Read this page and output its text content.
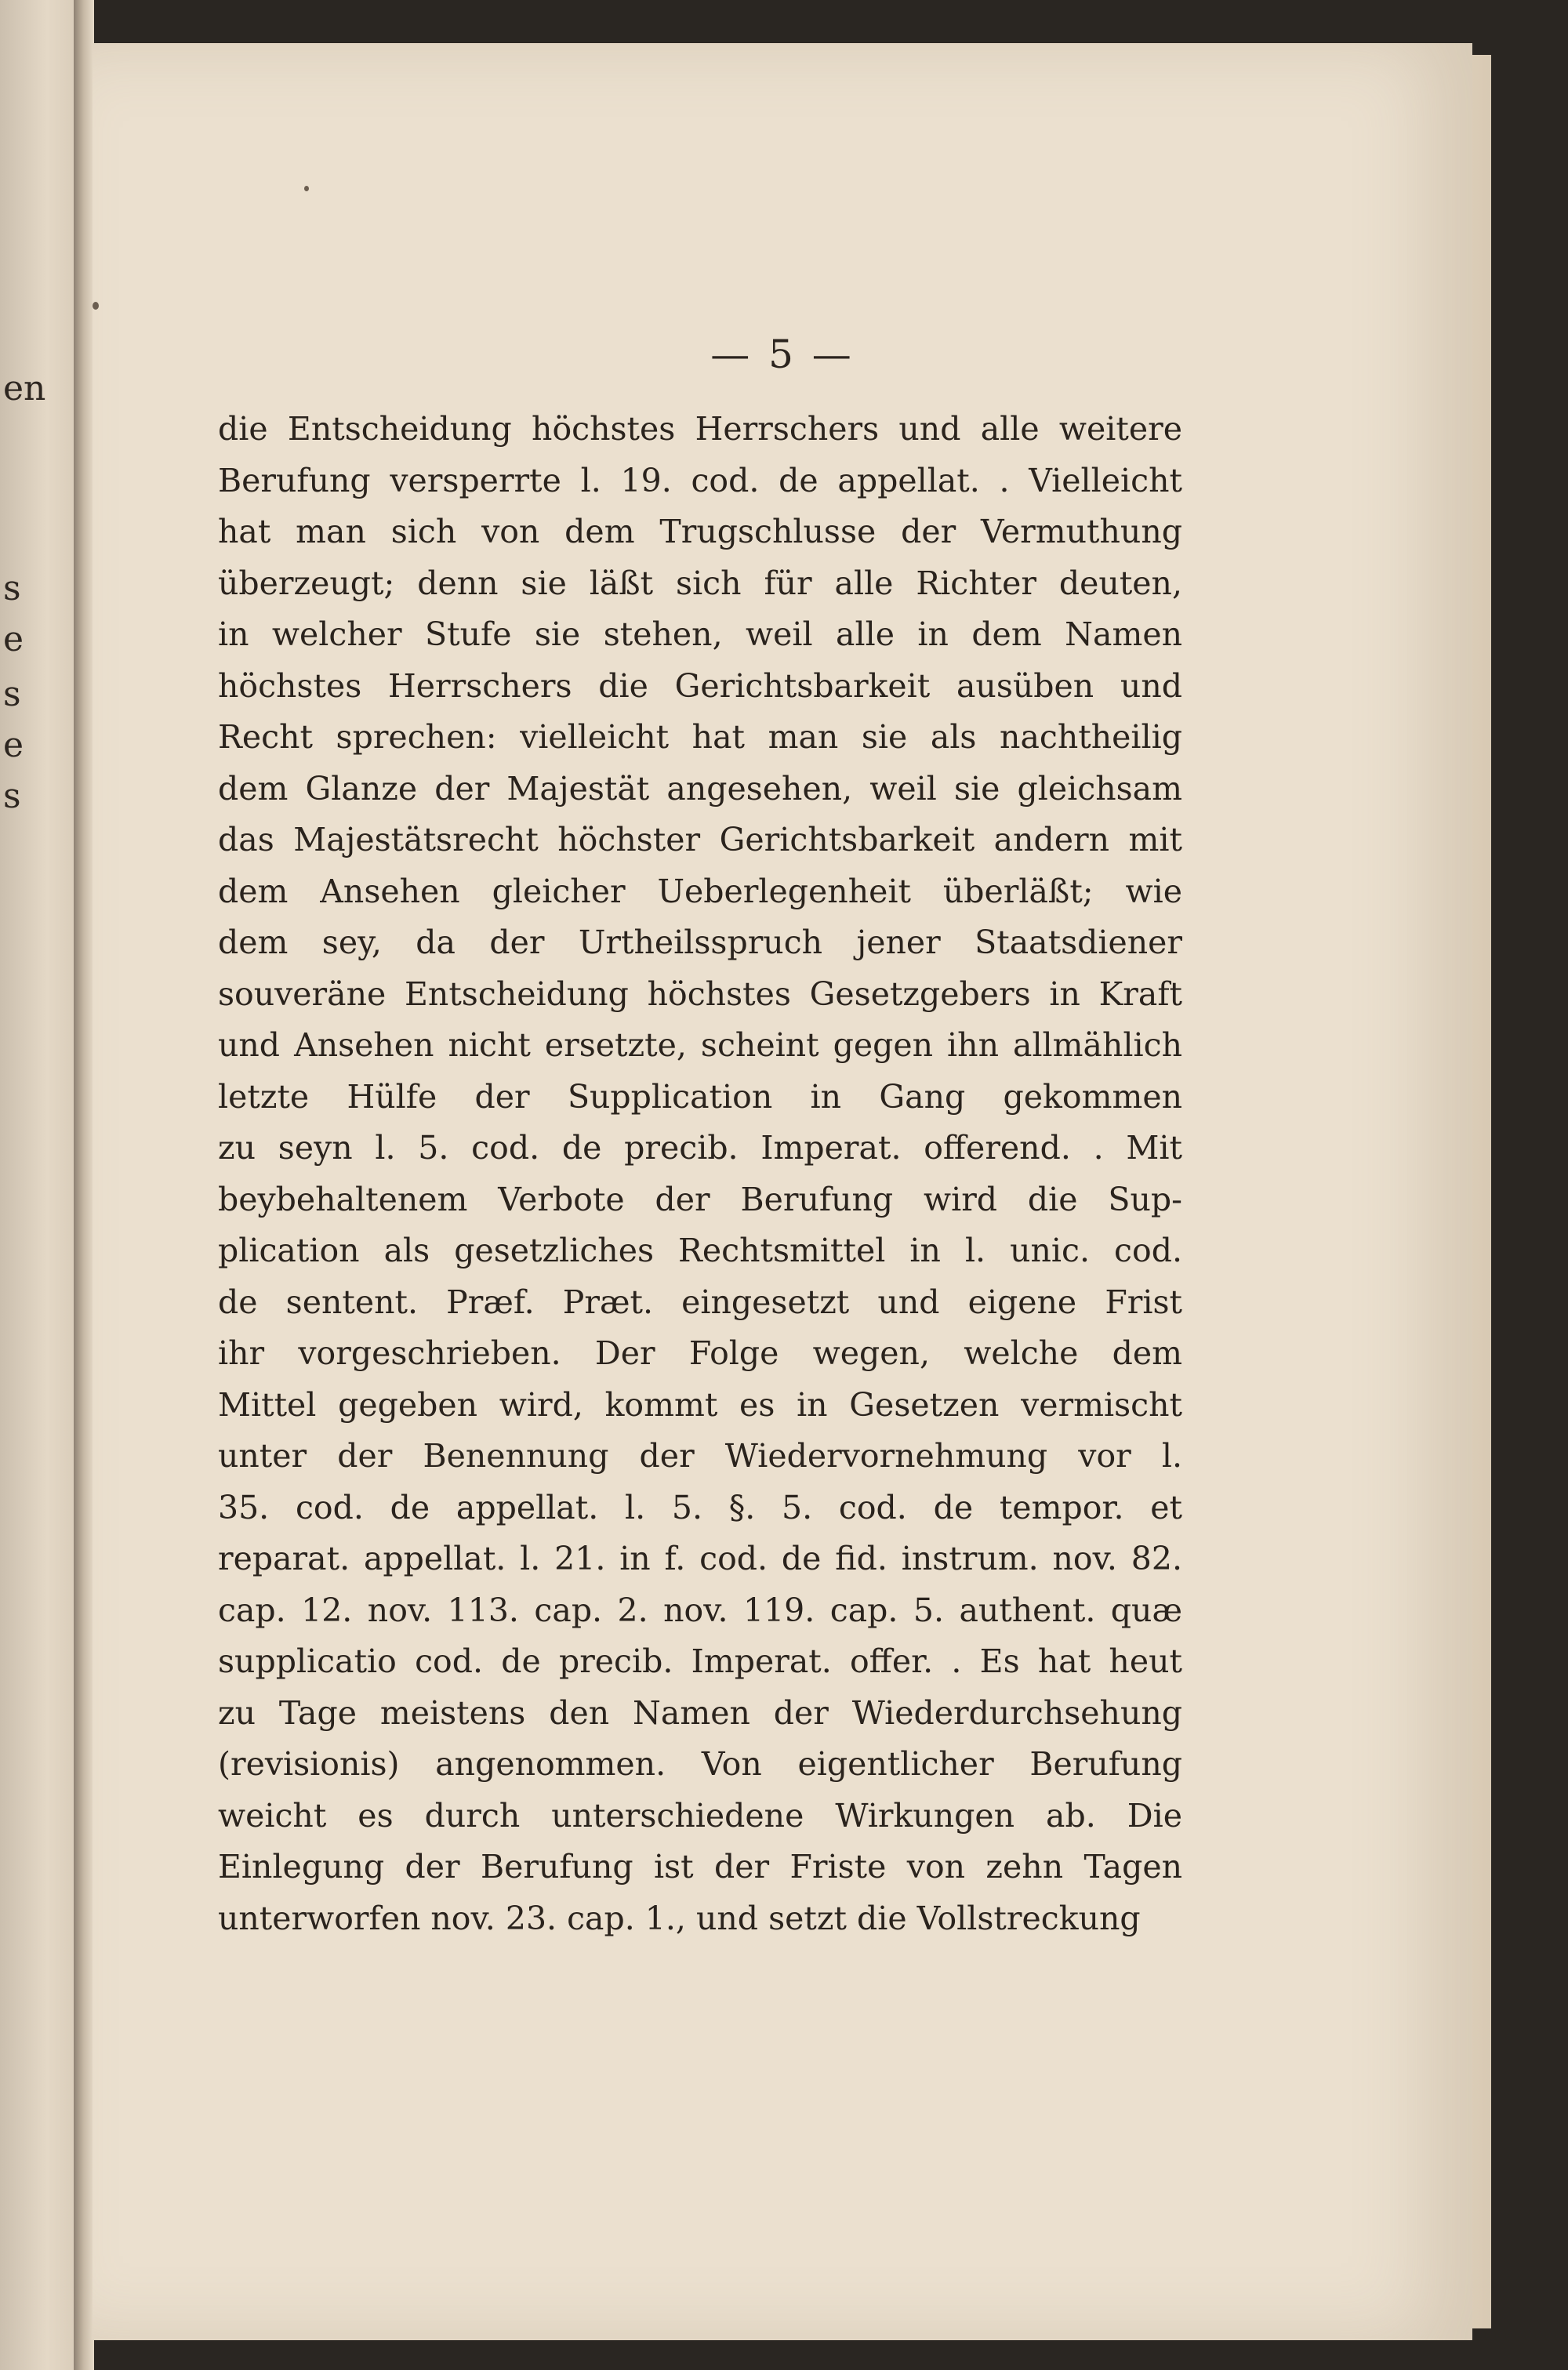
en
s
e
s
e
s
— 5 —
die Entscheidung höchstes Herrschers und alle weitere
Berufung versperrte l. 19. cod. de appellat. . Vielleicht
hat man sich von dem Trugschlusse der Vermuthung
überzeugt; denn sie läßt sich für alle Richter deuten,
in welcher Stufe sie stehen, weil alle in dem Namen
höchstes Herrschers die Gerichtsbarkeit ausüben und
Recht sprechen: vielleicht hat man sie als nachtheilig
dem Glanze der Majestät angesehen, weil sie gleichsam
das Majestätsrecht höchster Gerichtsbarkeit andern mit
dem Ansehen gleicher Ueberlegenheit überläßt; wie
dem sey, da der Urtheilsspruch jener Staatsdiener
souveräne Entscheidung höchstes Gesetzgebers in Kraft
und Ansehen nicht ersetzte, scheint gegen ihn allmählich
letzte Hülfe der Supplication in Gang gekommen
zu seyn l. 5. cod. de precib. Imperat. offerend. . Mit
beybehaltenem Verbote der Berufung wird die Sup-
plication als gesetzliches Rechtsmittel in l. unic. cod.
de sentent. Præf. Præt. eingesetzt und eigene Frist
ihr vorgeschrieben. Der Folge wegen, welche dem
Mittel gegeben wird, kommt es in Gesetzen vermischt
unter der Benennung der Wiedervornehmung vor l.
35. cod. de appellat. l. 5. §. 5. cod. de tempor. et
reparat. appellat. l. 21. in f. cod. de fid. instrum. nov. 82.
cap. 12. nov. 113. cap. 2. nov. 119. cap. 5. authent. quæ
supplicatio cod. de precib. Imperat. offer. . Es hat heut
zu Tage meistens den Namen der Wiederdurchsehung
(revisionis) angenommen. Von eigentlicher Berufung
weicht es durch unterschiedene Wirkungen ab. Die
Einlegung der Berufung ist der Friste von zehn Tagen
unterworfen nov. 23. cap. 1., und setzt die Vollstreckung
